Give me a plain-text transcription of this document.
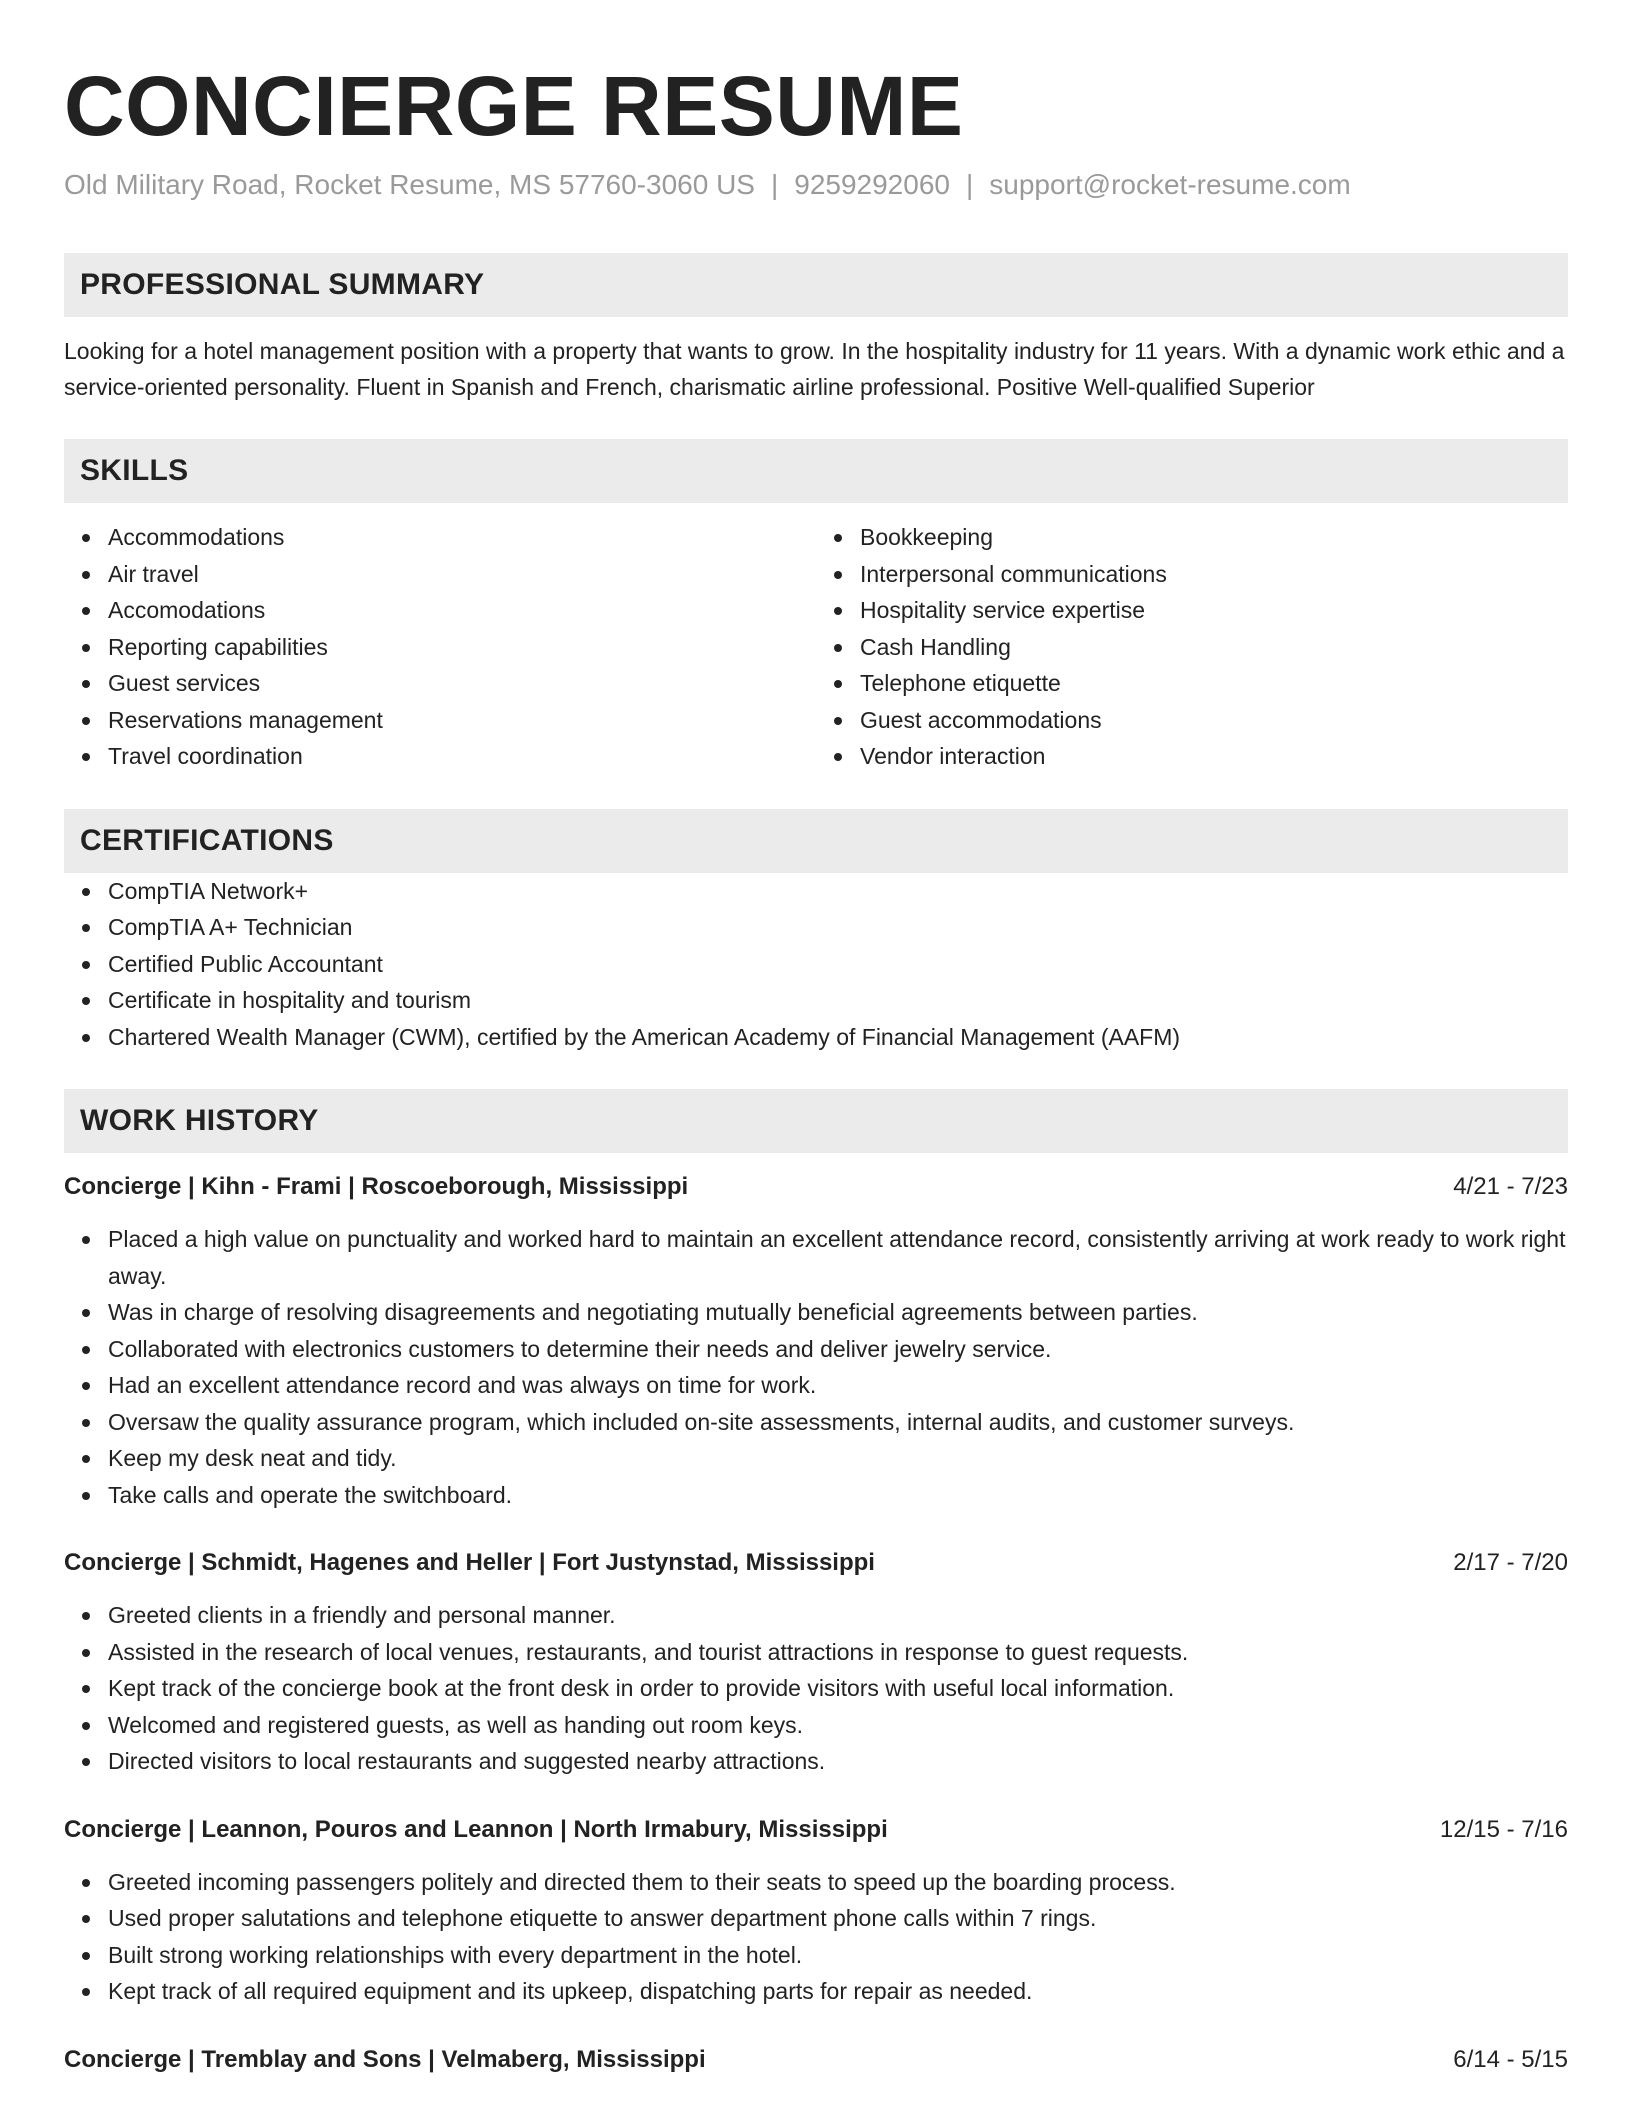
CONCIERGE RESUME
Old Military Road, Rocket Resume, MS 57760-3060 US | 9259292060 | support@rocket-resume.com
PROFESSIONAL SUMMARY
Looking for a hotel management position with a property that wants to grow. In the hospitality industry for 11 years. With a dynamic work ethic and a service-oriented personality. Fluent in Spanish and French, charismatic airline professional. Positive Well-qualified Superior
SKILLS
Accommodations
Air travel
Accomodations
Reporting capabilities
Guest services
Reservations management
Travel coordination
Bookkeeping
Interpersonal communications
Hospitality service expertise
Cash Handling
Telephone etiquette
Guest accommodations
Vendor interaction
CERTIFICATIONS
CompTIA Network+
CompTIA A+ Technician
Certified Public Accountant
Certificate in hospitality and tourism
Chartered Wealth Manager (CWM), certified by the American Academy of Financial Management (AAFM)
WORK HISTORY
Concierge | Kihn - Frami | Roscoeborough, Mississippi	4/21 - 7/23
Placed a high value on punctuality and worked hard to maintain an excellent attendance record, consistently arriving at work ready to work right away.
Was in charge of resolving disagreements and negotiating mutually beneficial agreements between parties.
Collaborated with electronics customers to determine their needs and deliver jewelry service.
Had an excellent attendance record and was always on time for work.
Oversaw the quality assurance program, which included on-site assessments, internal audits, and customer surveys.
Keep my desk neat and tidy.
Take calls and operate the switchboard.
Concierge | Schmidt, Hagenes and Heller | Fort Justynstad, Mississippi	2/17 - 7/20
Greeted clients in a friendly and personal manner.
Assisted in the research of local venues, restaurants, and tourist attractions in response to guest requests.
Kept track of the concierge book at the front desk in order to provide visitors with useful local information.
Welcomed and registered guests, as well as handing out room keys.
Directed visitors to local restaurants and suggested nearby attractions.
Concierge | Leannon, Pouros and Leannon | North Irmabury, Mississippi	12/15 - 7/16
Greeted incoming passengers politely and directed them to their seats to speed up the boarding process.
Used proper salutations and telephone etiquette to answer department phone calls within 7 rings.
Built strong working relationships with every department in the hotel.
Kept track of all required equipment and its upkeep, dispatching parts for repair as needed.
Concierge | Tremblay and Sons | Velmaberg, Mississippi	6/14 - 5/15
